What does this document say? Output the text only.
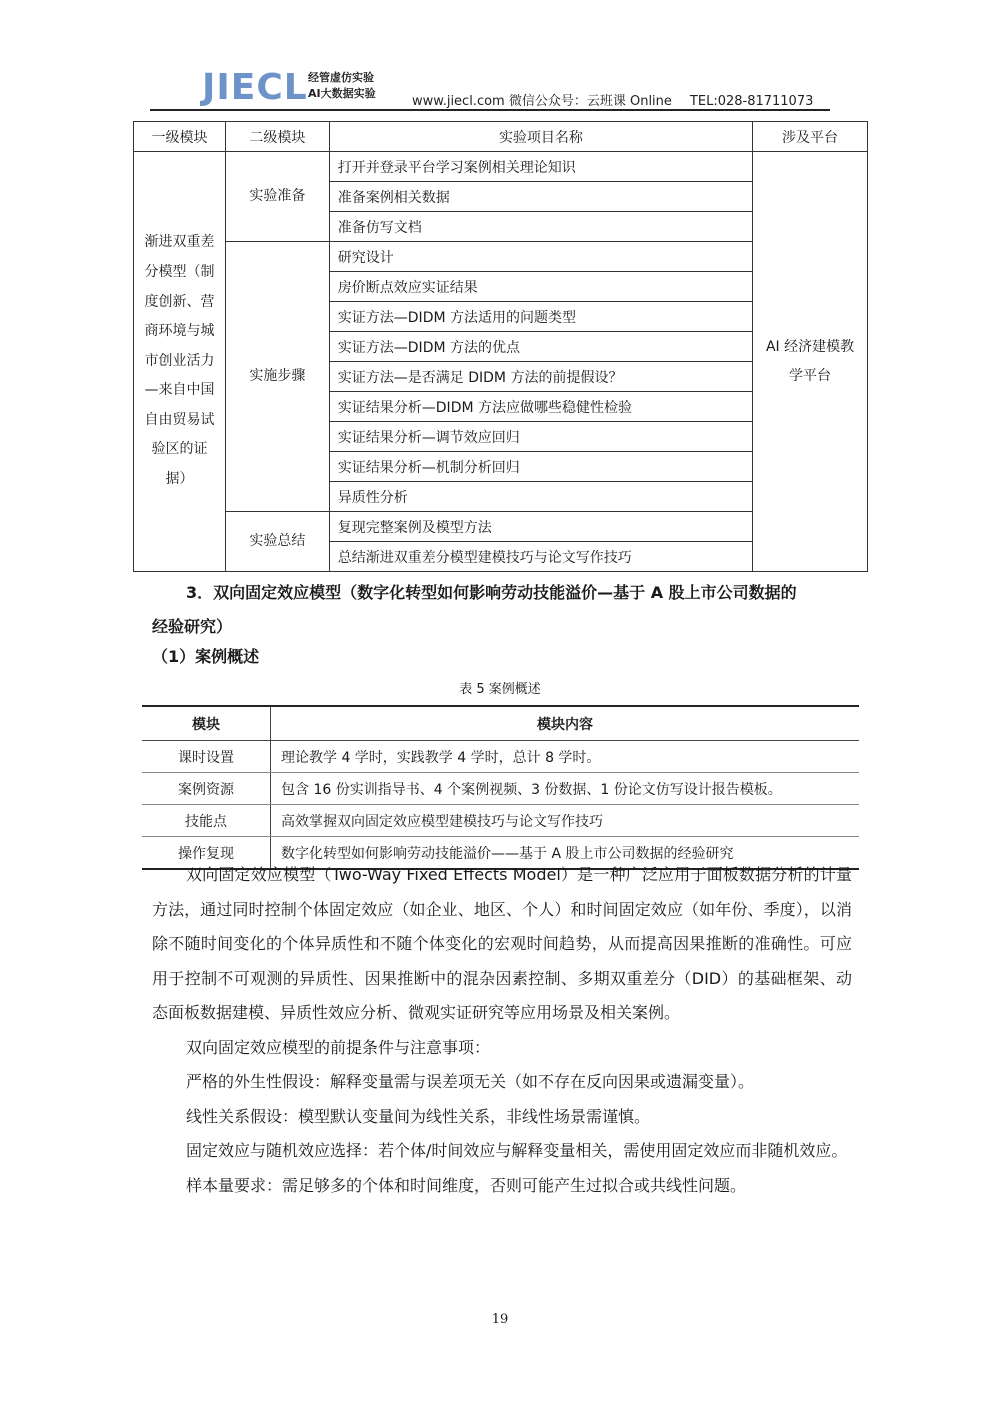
JIECL 经管虚仿实验
AI大数据实验
www.jiecl.com 微信公众号：云班课 Online TEL:028-81711073
一级模块	二级模块	实验项目名称	涉及平台
渐进双重差分模型（制度创新、营商环境与城市创业活力—来自中国自由贸易试验区的证据）	实验准备	打开并登录平台学习案例相关理论知识	AI 经济建模教学平台
		准备案例相关数据	
		准备仿写文档	
	实施步骤	研究设计	
		房价断点效应实证结果	
		实证方法—DIDM 方法适用的问题类型	
		实证方法—DIDM 方法的优点	
		实证方法—是否满足 DIDM 方法的前提假设？	
		实证结果分析—DIDM 方法应做哪些稳健性检验	
		实证结果分析—调节效应回归	
		实证结果分析—机制分析回归	
		异质性分析	
	实验总结	复现完整案例及模型方法	
		总结渐进双重差分模型建模技巧与论文写作技巧	
3．双向固定效应模型（数字化转型如何影响劳动技能溢价—基于 A 股上市公司数据的
经验研究）
（1）案例概述
表 5 案例概述
模块	模块内容
课时设置	理论教学 4 学时，实践教学 4 学时，总计 8 学时。
案例资源	包含 16 份实训指导书、4 个案例视频、3 份数据、1 份论文仿写设计报告模板。
技能点	高效掌握双向固定效应模型建模技巧与论文写作技巧
操作复现	数字化转型如何影响劳动技能溢价——基于 A 股上市公司数据的经验研究

双向固定效应模型（Two-Way Fixed Effects Model）是一种广泛应用于面板数据分析的计量方法，通过同时控制个体固定效应（如企业、地区、个人）和时间固定效应（如年份、季度），以消除不随时间变化的个体异质性和不随个体变化的宏观时间趋势，从而提高因果推断的准确性。可应用于控制不可观测的异质性、因果推断中的混杂因素控制、多期双重差分（DID）的基础框架、动态面板数据建模、异质性效应分析、微观实证研究等应用场景及相关案例。

双向固定效应模型的前提条件与注意事项：

严格的外生性假设：解释变量需与误差项无关（如不存在反向因果或遗漏变量）。

线性关系假设：模型默认变量间为线性关系，非线性场景需谨慎。

固定效应与随机效应选择：若个体/时间效应与解释变量相关，需使用固定效应而非随机效应。

样本量要求：需足够多的个体和时间维度，否则可能产生过拟合或共线性问题。

19
